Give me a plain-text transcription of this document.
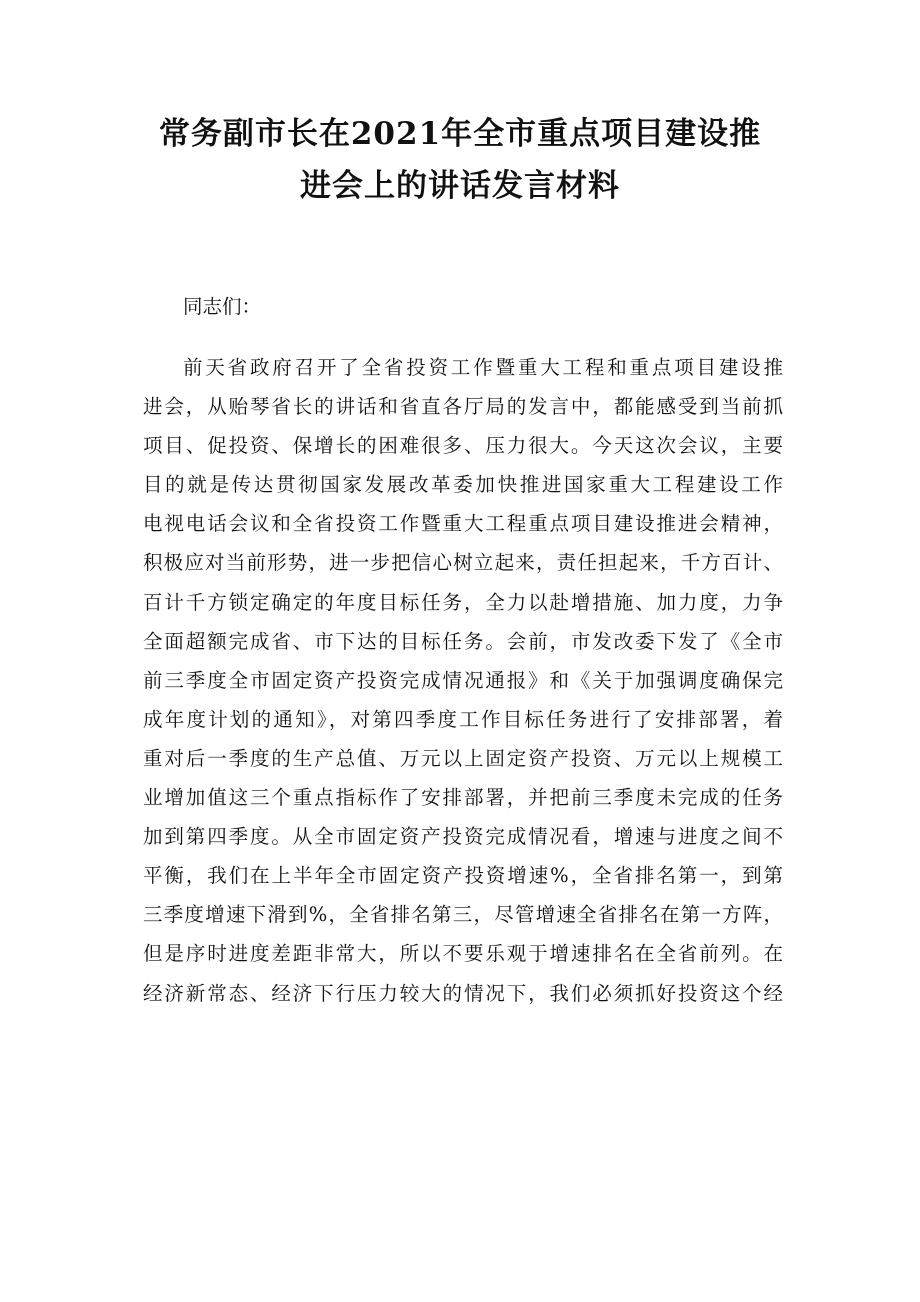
常务副市长在2021年全市重点项目建设推
进会上的讲话发言材料

同志们：

前天省政府召开了全省投资工作暨重大工程和重点项目建设推
进会，从贻琴省长的讲话和省直各厅局的发言中，都能感受到当前抓
项目、促投资、保增长的困难很多、压力很大。今天这次会议，主要
目的就是传达贯彻国家发展改革委加快推进国家重大工程建设工作
电视电话会议和全省投资工作暨重大工程重点项目建设推进会精神，
积极应对当前形势，进一步把信心树立起来，责任担起来，千方百计、
百计千方锁定确定的年度目标任务，全力以赴增措施、加力度，力争
全面超额完成省、市下达的目标任务。会前，市发改委下发了《全市
前三季度全市固定资产投资完成情况通报》和《关于加强调度确保完
成年度计划的通知》，对第四季度工作目标任务进行了安排部署，着
重对后一季度的生产总值、万元以上固定资产投资、万元以上规模工
业增加值这三个重点指标作了安排部署，并把前三季度未完成的任务
加到第四季度。从全市固定资产投资完成情况看，增速与进度之间不
平衡，我们在上半年全市固定资产投资增速%，全省排名第一，到第
三季度增速下滑到%，全省排名第三，尽管增速全省排名在第一方阵，
但是序时进度差距非常大，所以不要乐观于增速排名在全省前列。在
经济新常态、经济下行压力较大的情况下，我们必须抓好投资这个经
